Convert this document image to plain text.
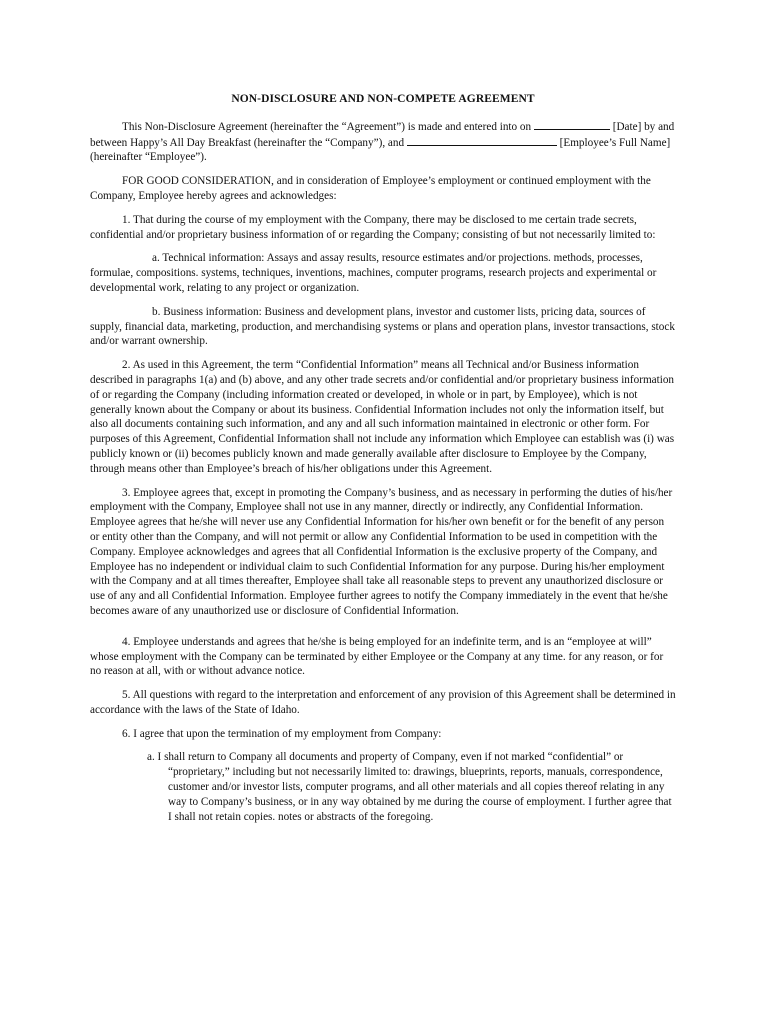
NON-DISCLOSURE AND NON-COMPETE AGREEMENT

This Non-Disclosure Agreement (hereinafter the “Agreement”) is made and entered into on	[Date] by and between Happy’s All Day Breakfast (hereinafter the “Company”), and	[Employee’s Full Name] (hereinafter “Employee”).

FOR GOOD CONSIDERATION, and in consideration of Employee’s employment or continued employment with the Company, Employee hereby agrees and acknowledges:

1. That during the course of my employment with the Company, there may be disclosed to me certain trade secrets, confidential and/or proprietary business information of or regarding the Company; consisting of but not necessarily limited to:

a. Technical information: Assays and assay results, resource estimates and/or projections. methods, processes, formulae, compositions. systems, techniques, inventions, machines, computer programs, research projects and experimental or developmental work, relating to any project or organization.

b. Business information: Business and development plans, investor and customer lists, pricing data, sources of supply, financial data, marketing, production, and merchandising systems or plans and operation plans, investor transactions, stock and/or warrant ownership.

2. As used in this Agreement, the term “Confidential Information” means all Technical and/or Business information described in paragraphs 1(a) and (b) above, and any other trade secrets and/or confidential and/or proprietary business information of or regarding the Company (including information created or developed, in whole or in part, by Employee), which is not generally known about the Company or about its business. Confidential Information includes not only the information itself, but also all documents containing such information, and any and all such information maintained in electronic or other form. For purposes of this Agreement, Confidential Information shall not include any information which Employee can establish was (i) was publicly known or (ii) becomes publicly known and made generally available after disclosure to Employee by the Company, through means other than Employee’s breach of his/her obligations under this Agreement.

3. Employee agrees that, except in promoting the Company’s business, and as necessary in performing the duties of his/her employment with the Company, Employee shall not use in any manner, directly or indirectly, any Confidential Information. Employee agrees that he/she will never use any Confidential Information for his/her own benefit or for the benefit of any person or entity other than the Company, and will not permit or allow any Confidential Information to be used in competition with the Company. Employee acknowledges and agrees that all Confidential Information is the exclusive property of the Company, and Employee has no independent or individual claim to such Confidential Information for any purpose. During his/her employment with the Company and at all times thereafter, Employee shall take all reasonable steps to prevent any unauthorized disclosure or use of any and all Confidential Information. Employee further agrees to notify the Company immediately in the event that he/she becomes aware of any unauthorized use or disclosure of Confidential Information.

4. Employee understands and agrees that he/she is being employed for an indefinite term, and is an “employee at will” whose employment with the Company can be terminated by either Employee or the Company at any time. for any reason, or for no reason at all, with or without advance notice.

5. All questions with regard to the interpretation and enforcement of any provision of this Agreement shall be determined in accordance with the laws of the State of Idaho.

6. I agree that upon the termination of my employment from Company:

a. I shall return to Company all documents and property of Company, even if not marked “confidential” or “proprietary,” including but not necessarily limited to: drawings, blueprints, reports, manuals, correspondence, customer and/or investor lists, computer programs, and all other materials and all copies thereof relating in any way to Company’s business, or in any way obtained by me during the course of employment. I further agree that I shall not retain copies. notes or abstracts of the foregoing.
